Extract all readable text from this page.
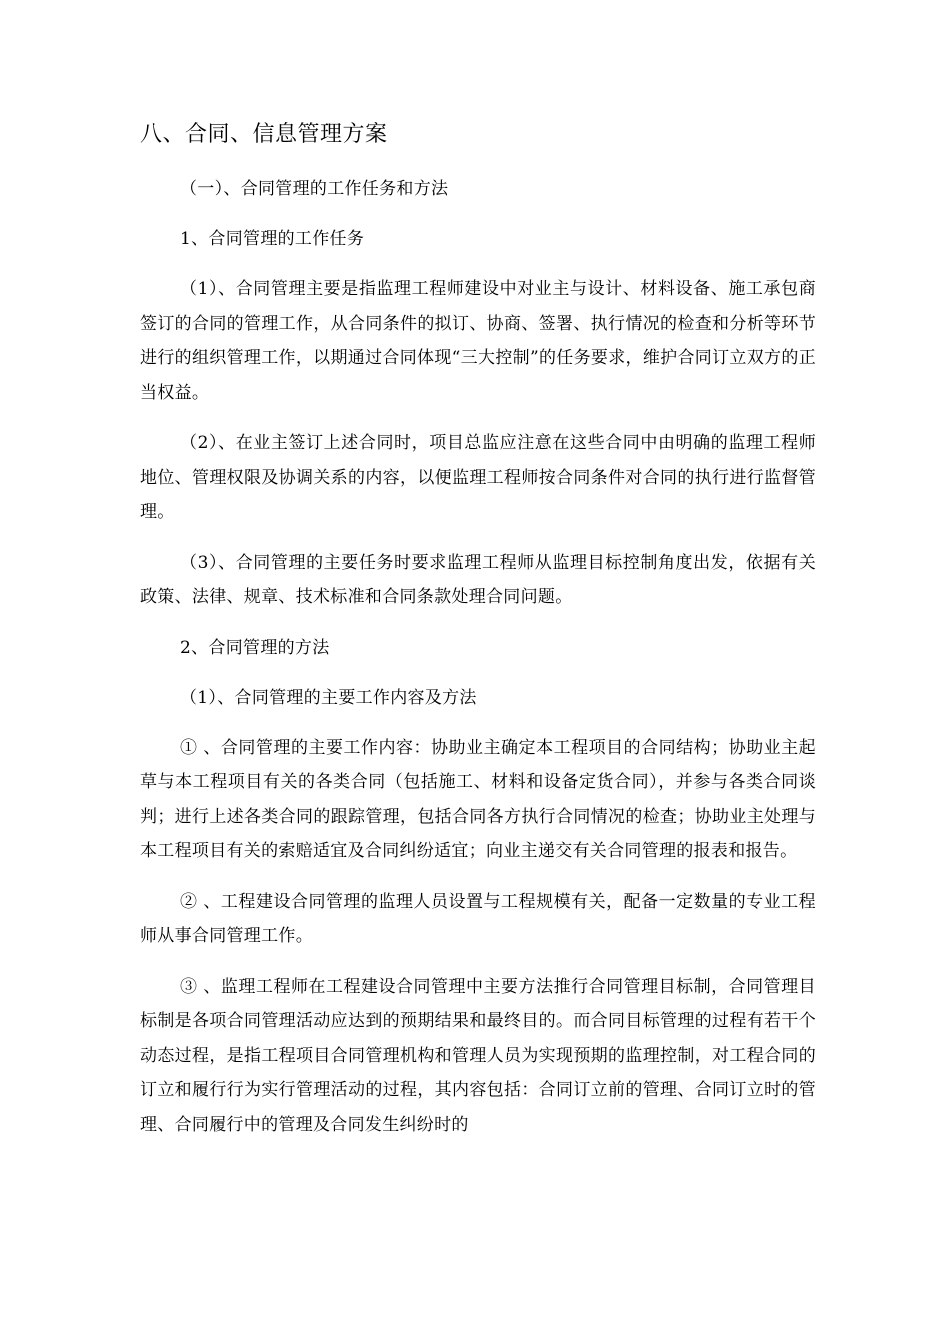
八、合同、信息管理方案
（一）、合同管理的工作任务和方法
1、合同管理的工作任务

（1）、合同管理主要是指监理工程师建设中对业主与设计、材料设备、施工承包商签订的合同的管理工作，从合同条件的拟订、协商、签署、执行情况的检查和分析等环节进行的组织管理工作，以期通过合同体现“三大控制”的任务要求，维护合同订立双方的正当权益。

（2）、在业主签订上述合同时，项目总监应注意在这些合同中由明确的监理工程师地位、管理权限及协调关系的内容，以便监理工程师按合同条件对合同的执行进行监督管理。

（3）、合同管理的主要任务时要求监理工程师从监理目标控制角度出发，依据有关政策、法律、规章、技术标准和合同条款处理合同问题。

2、合同管理的方法
（1）、合同管理的主要工作内容及方法

① 、合同管理的主要工作内容：协助业主确定本工程项目的合同结构；协助业主起草与本工程项目有关的各类合同（包括施工、材料和设备定货合同），并参与各类合同谈判；进行上述各类合同的跟踪管理，包括合同各方执行合同情况的检查；协助业主处理与本工程项目有关的索赔适宜及合同纠纷适宜；向业主递交有关合同管理的报表和报告。

② 、工程建设合同管理的监理人员设置与工程规模有关，配备一定数量的专业工程师从事合同管理工作。

③ 、监理工程师在工程建设合同管理中主要方法推行合同管理目标制，合同管理目标制是各项合同管理活动应达到的预期结果和最终目的。而合同目标管理的过程有若干个动态过程，是指工程项目合同管理机构和管理人员为实现预期的监理控制，对工程合同的订立和履行行为实行管理活动的过程，其内容包括：合同订立前的管理、合同订立时的管理、合同履行中的管理及合同发生纠纷时的
